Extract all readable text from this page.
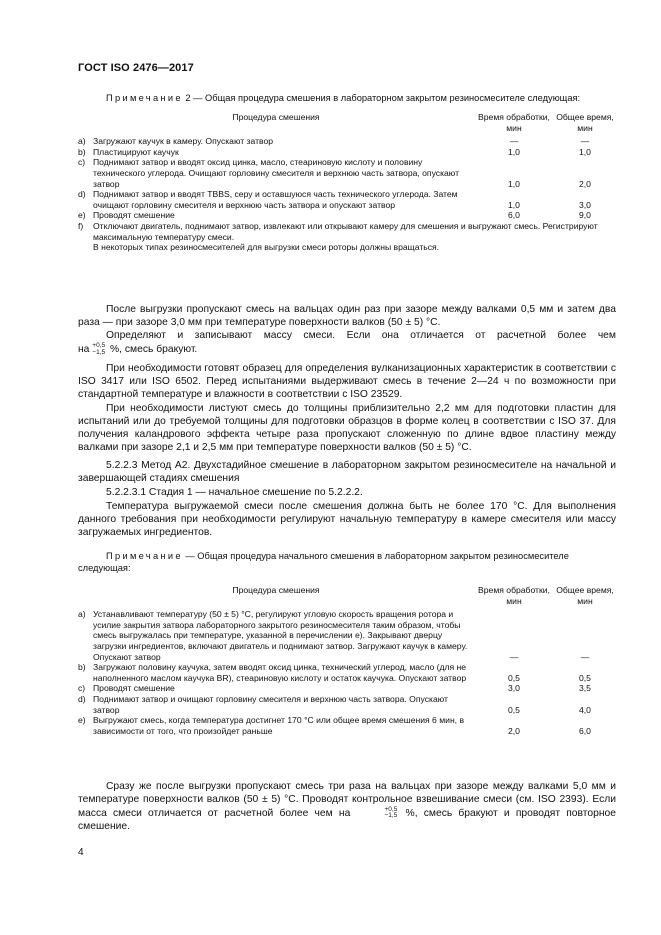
ГОСТ ISO 2476—2017
Примечание 2 — Общая процедура смешения в лабораторном закрытом резиносмесителе следующая:
Процедура смешения		Время обработки, мин	Общее время, мин
a)	Загружают каучук в камеру. Опускают затвор	—	—
b)	Пластицируют каучук	1,0	1,0
c)	Поднимают затвор и вводят оксид цинка, масло, стеариновую кислоту и половину технического углерода. Очищают горловину смесителя и верхнюю часть затвора, опускают затвор	1,0	2,0
d)	Поднимают затвор и вводят TBBS, серу и оставшуюся часть технического углерода. Затем очищают горловину смесителя и верхнюю часть затвора и опускают затвор	1,0	3,0
e)	Проводят смешение	6,0	9,0
f)	Отключают двигатель, поднимают затвор, извлекают или открывают камеру для смешения и выгружают смесь. Регистрируют максимальную температуру смеси.
В некоторых типах резиносмесителей для выгрузки смеси роторы должны вращаться.		
После выгрузки пропускают смесь на вальцах один раз при зазоре между валками 0,5 мм и затем два раза — при зазоре 3,0 мм при температуре поверхности валков (50 ± 5) °С.
Определяют и записывают массу смеси. Если она отличается от расчетной более чем
на +0,5
−1,5 %, смесь бракуют.
При необходимости готовят образец для определения вулканизационных характеристик в соответствии с ISO 3417 или ISO 6502. Перед испытаниями выдерживают смесь в течение 2—24 ч по возможности при стандартной температуре и влажности в соответствии с ISO 23529.
При необходимости листуют смесь до толщины приблизительно 2,2 мм для подготовки пластин для испытаний или до требуемой толщины для подготовки образцов в форме колец в соответствии с ISO 37. Для получения каландрового эффекта четыре раза пропускают сложенную по длине вдвое пластину между валками при зазоре 2,1 и 2,5 мм при температуре поверхности валков (50 ± 5) °С.
5.2.2.3 Метод А2. Двухстадийное смешение в лабораторном закрытом резиносмесителе на начальной и завершающей стадиях смешения
5.2.2.3.1 Стадия 1 — начальное смешение по 5.2.2.2.
Температура выгружаемой смеси после смешения должна быть не более 170 °С. Для выполнения данного требования при необходимости регулируют начальную температуру в камере смесителя или массу загружаемых ингредиентов.
Примечание — Общая процедура начального смешения в лабораторном закрытом резиносмесителе следующая:
Процедура смешения		Время обработки, мин	Общее время, мин
a)	Устанавливают температуру (50 ± 5) °С, регулируют угловую скорость вращения ротора и усилие закрытия затвора лабораторного закрытого резиносмесителя таким образом, чтобы смесь выгружалась при температуре, указанной в перечислении е). Закрывают дверцу загрузки ингредиентов, включают двигатель и поднимают затвор. Загружают каучук в камеру. Опускают затвор	—	—
b)	Загружают половину каучука, затем вводят оксид цинка, технический углерод, масло (для не наполненного маслом каучука BR), стеариновую кислоту и остаток каучука. Опускают затвор	0,5	0,5
c)	Проводят смешение	3,0	3,5
d)	Поднимают затвор и очищают горловину смесителя и верхнюю часть затвора. Опускают затвор	0,5	4,0
e)	Выгружают смесь, когда температура достигнет 170 °С или общее время смешения 6 мин, в зависимости от того, что произойдет раньше	2,0	6,0
Сразу же после выгрузки пропускают смесь три раза на вальцах при зазоре между валками 5,0 мм и температуре поверхности валков (50 ± 5) °С. Проводят контрольное взвешивание смеси (см. ISO 2393). Если масса смеси отличается от расчетной более чем на	+0,5
−1,5 %, смесь бракуют и проводят повторное смешение.
4
